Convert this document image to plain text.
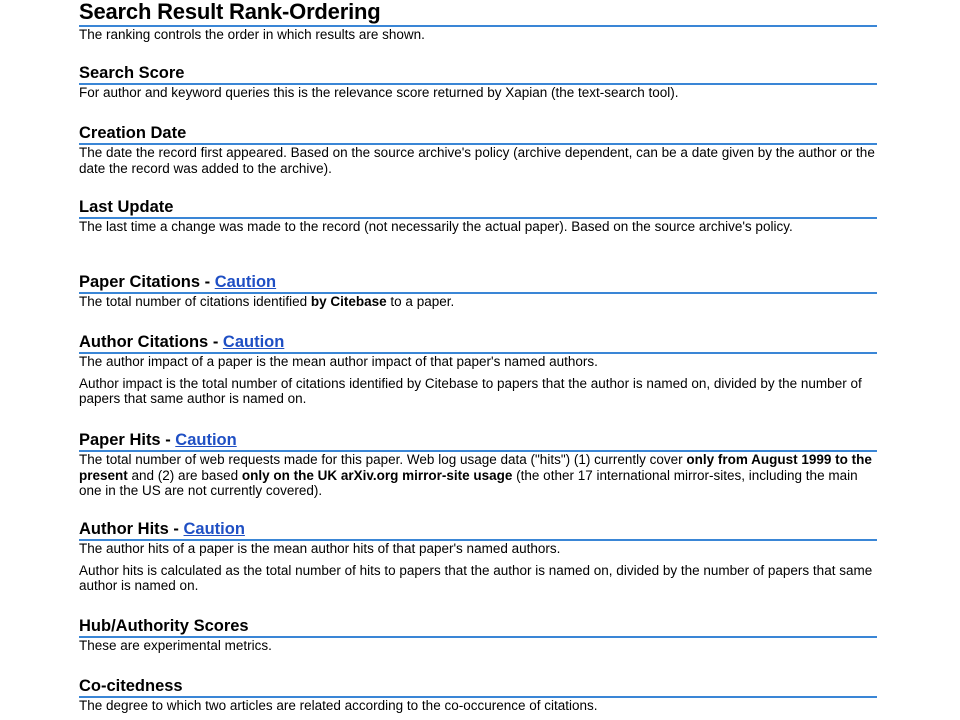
Search Result Rank-Ordering

The ranking controls the order in which results are shown.

Search Score

For author and keyword queries this is the relevance score returned by Xapian (the text-search tool).

Creation Date

The date the record first appeared. Based on the source archive's policy (archive dependent, can be a date given by the author or the date the record was added to the archive).

Last Update

The last time a change was made to the record (not necessarily the actual paper). Based on the source archive's policy.

Paper Citations - Caution

The total number of citations identified by Citebase to a paper.

Author Citations - Caution

The author impact of a paper is the mean author impact of that paper's named authors.

Author impact is the total number of citations identified by Citebase to papers that the author is named on, divided by the number of papers that same author is named on.

Paper Hits - Caution

The total number of web requests made for this paper. Web log usage data ("hits") (1) currently cover only from August 1999 to the present and (2) are based only on the UK arXiv.org mirror-site usage (the other 17 international mirror-sites, including the main one in the US are not currently covered).

Author Hits - Caution

The author hits of a paper is the mean author hits of that paper's named authors.

Author hits is calculated as the total number of hits to papers that the author is named on, divided by the number of papers that same author is named on.

Hub/Authority Scores

These are experimental metrics.

Co-citedness

The degree to which two articles are related according to the co-occurence of citations.
